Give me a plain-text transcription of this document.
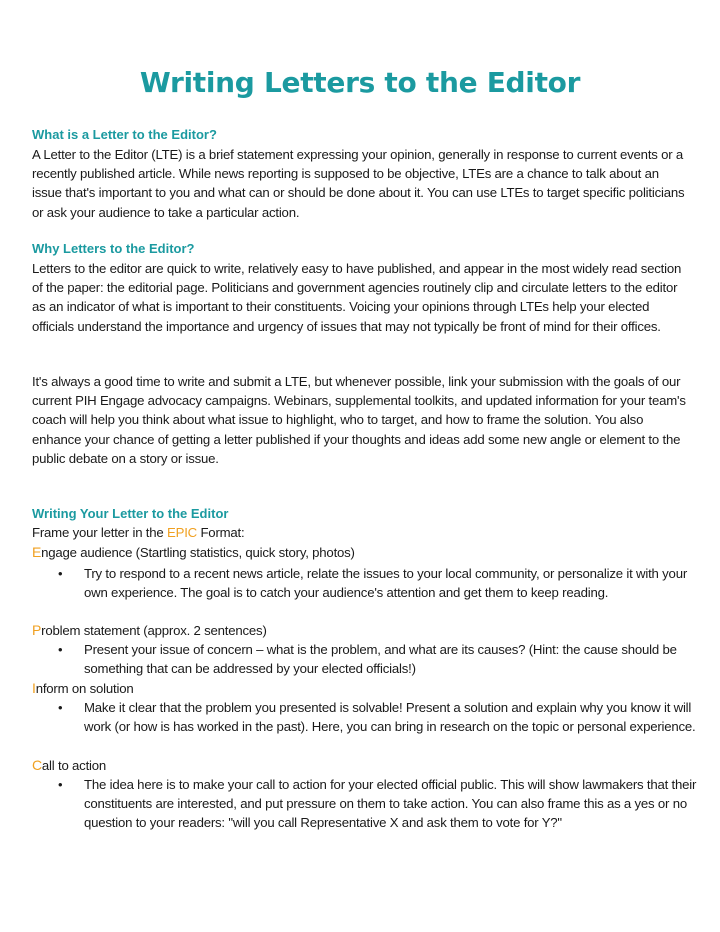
Writing Letters to the Editor
What is a Letter to the Editor?

A Letter to the Editor (LTE) is a brief statement expressing your opinion, generally in response to current events or a recently published article. While news reporting is supposed to be objective, LTEs are a chance to talk about an issue that's important to you and what can or should be done about it. You can use LTEs to target specific politicians or ask your audience to take a particular action.

Why Letters to the Editor?

Letters to the editor are quick to write, relatively easy to have published, and appear in the most widely read section of the paper: the editorial page. Politicians and government agencies routinely clip and circulate letters to the editor as an indicator of what is important to their constituents. Voicing your opinions through LTEs help your elected officials understand the importance and urgency of issues that may not typically be front of mind for their offices.

It's always a good time to write and submit a LTE, but whenever possible, link your submission with the goals of our current PIH Engage advocacy campaigns. Webinars, supplemental toolkits, and updated information for your team's coach will help you think about what issue to highlight, who to target, and how to frame the solution. You also enhance your chance of getting a letter published if your thoughts and ideas add some new angle or element to the public debate on a story or issue.

Writing Your Letter to the Editor
Frame your letter in the EPIC Format:
Engage audience (Startling statistics, quick story, photos)
• Try to respond to a recent news article, relate the issues to your local community, or personalize it with your own experience. The goal is to catch your audience's attention and get them to keep reading.

Problem statement (approx. 2 sentences)
• Present your issue of concern – what is the problem, and what are its causes? (Hint: the cause should be something that can be addressed by your elected officials!)

Inform on solution
• Make it clear that the problem you presented is solvable! Present a solution and explain why you know it will work (or how is has worked in the past). Here, you can bring in research on the topic or personal experience.

Call to action
• The idea here is to make your call to action for your elected official public. This will show lawmakers that their constituents are interested, and put pressure on them to take action. You can also frame this as a yes or no question to your readers: "will you call Representative X and ask them to vote for Y?"
